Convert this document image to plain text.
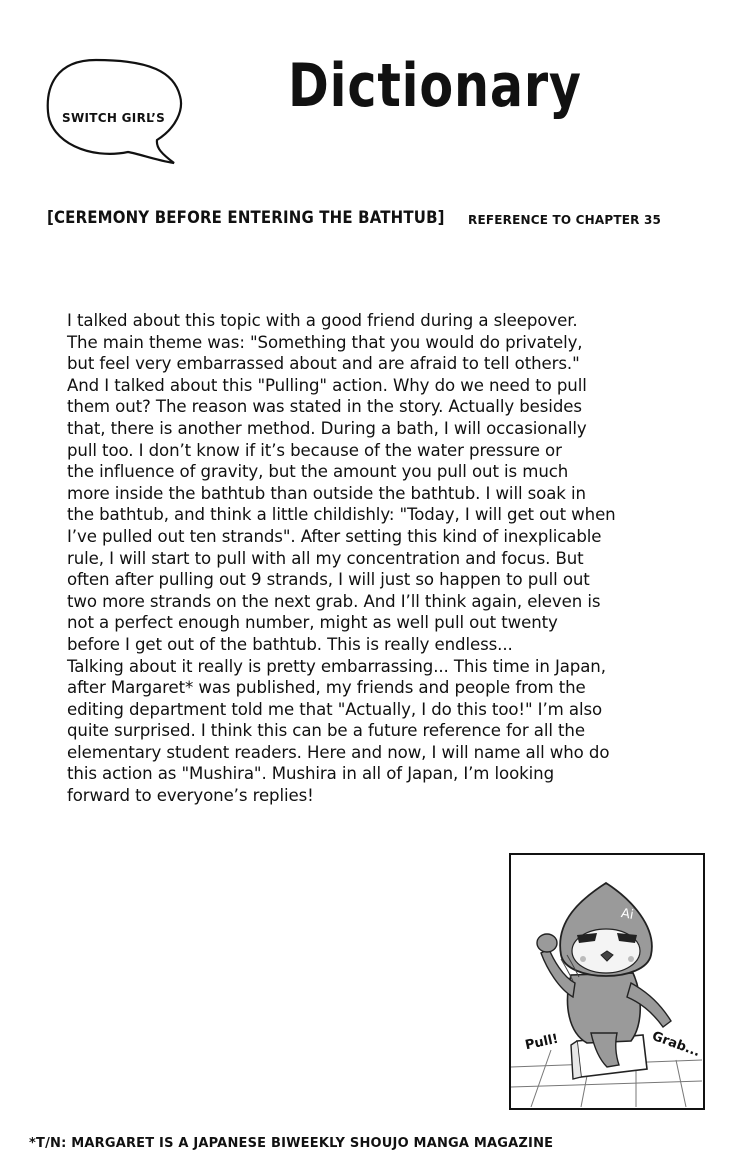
SWITCH GIRL’S Dictionary
[CEREMONY BEFORE ENTERING THE BATHTUB] REFERENCE TO CHAPTER 35
I talked about this topic with a good friend during a sleepover.
The main theme was: "Something that you would do privately,
but feel very embarrassed about and are afraid to tell others."
And I talked about this "Pulling" action. Why do we need to pull
them out? The reason was stated in the story. Actually besides
that, there is another method. During a bath, I will occasionally
pull too. I don’t know if it’s because of the water pressure or
the influence of gravity, but the amount you pull out is much
more inside the bathtub than outside the bathtub. I will soak in
the bathtub, and think a little childishly: "Today, I will get out when
I’ve pulled out ten strands". After setting this kind of inexplicable
rule, I will start to pull with all my concentration and focus. But
often after pulling out 9 strands, I will just so happen to pull out
two more strands on the next grab. And I’ll think again, eleven is
not a perfect enough number, might as well pull out twenty
before I get out of the bathtub. This is really endless...
Talking about it really is pretty embarrassing... This time in Japan,
after Margaret* was published, my friends and people from the
editing department told me that "Actually, I do this too!" I’m also
quite surprised. I think this can be a future reference for all the
elementary student readers. Here and now, I will name all who do
this action as "Mushira". Mushira in all of Japan, I’m looking
forward to everyone’s replies!
Ai
Pull!	Grab...
*T/N: MARGARET IS A JAPANESE BIWEEKLY SHOUJO MANGA MAGAZINE
